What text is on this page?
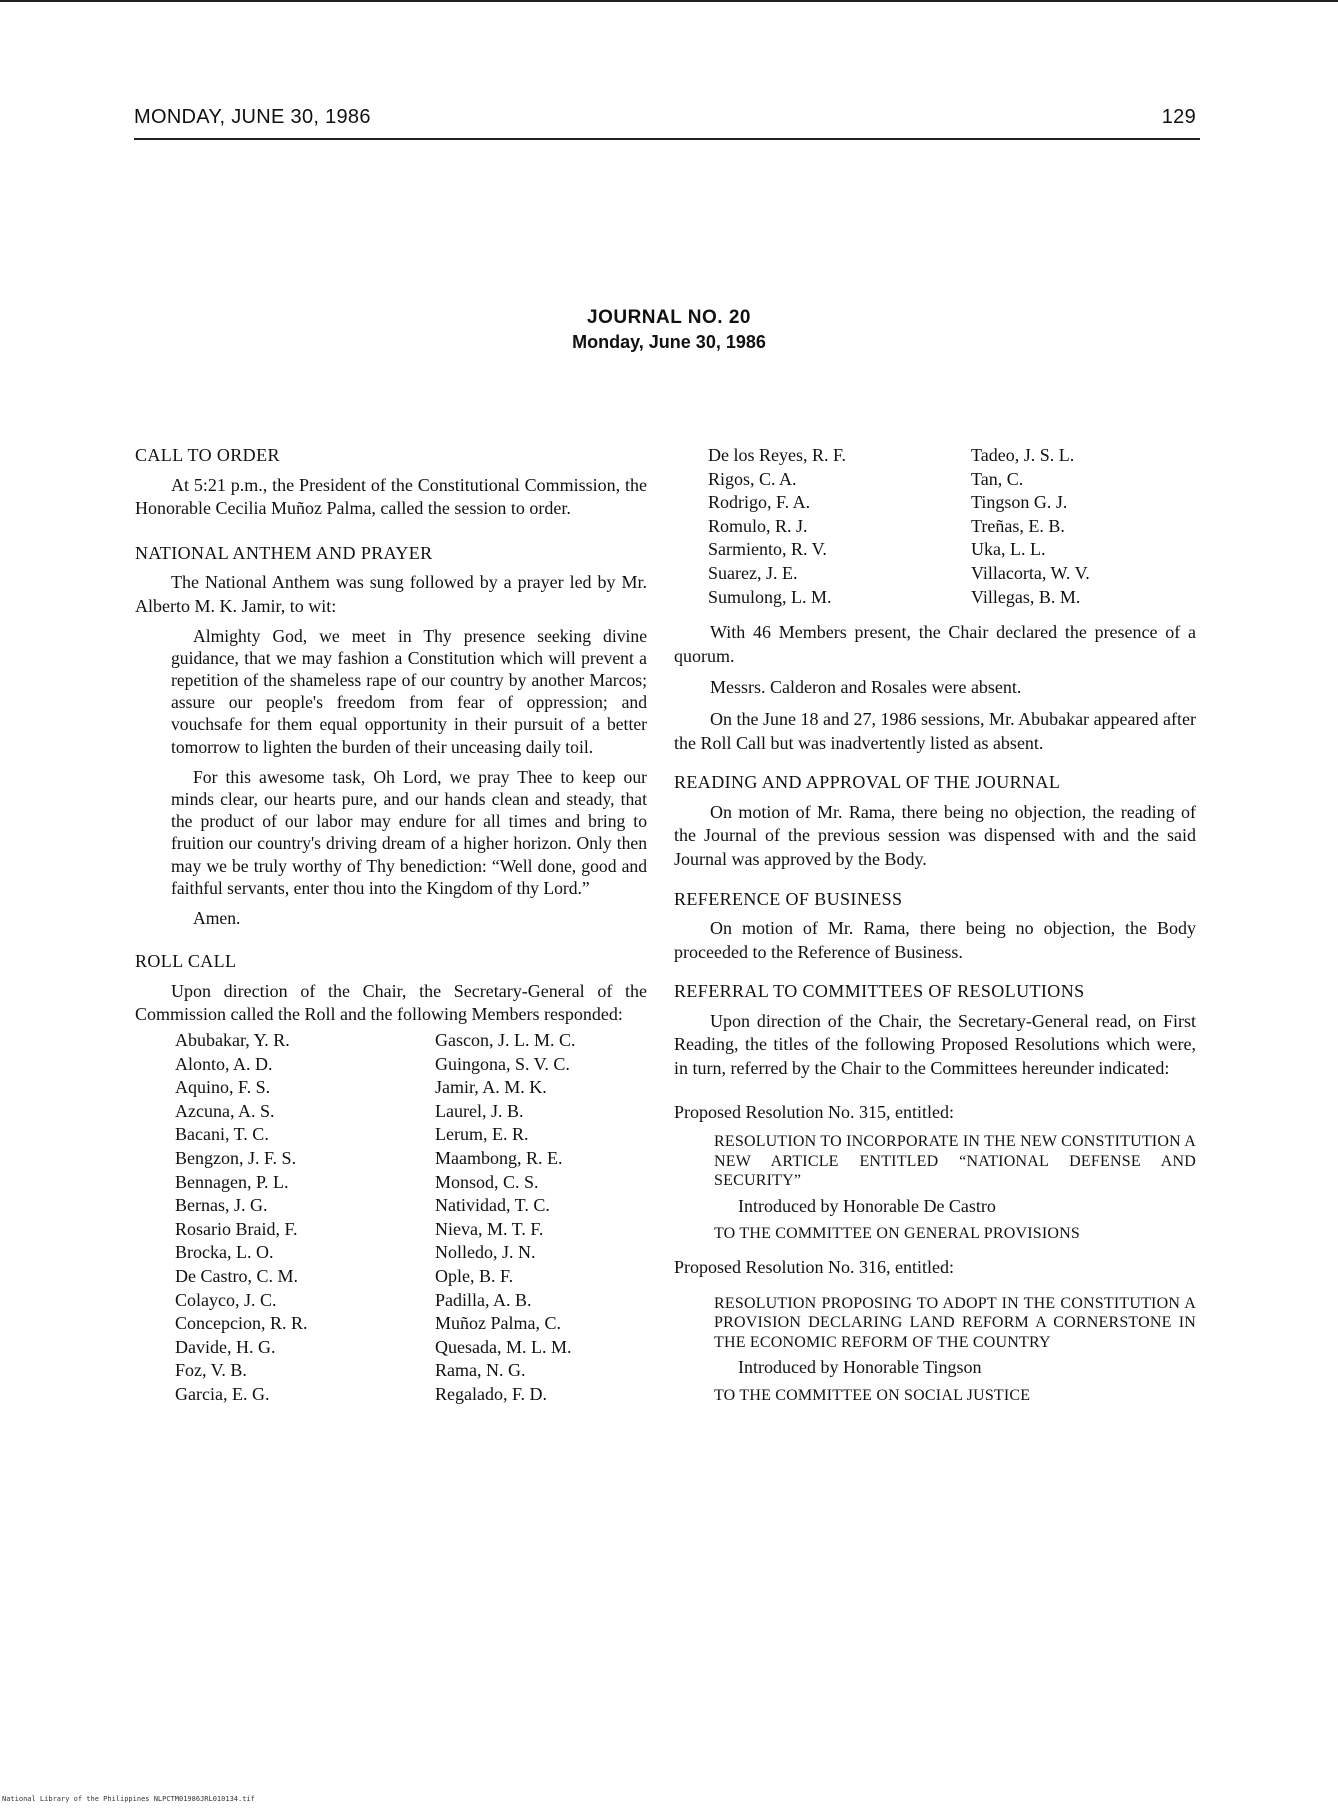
MONDAY, JUNE 30, 1986	129
JOURNAL NO. 20
Monday, June 30, 1986

CALL TO ORDER

At 5:21 p.m., the President of the Constitutional Commission, the Honorable Cecilia Muñoz Palma, called the session to order.

NATIONAL ANTHEM AND PRAYER

The National Anthem was sung followed by a prayer led by Mr. Alberto M. K. Jamir, to wit:

Almighty God, we meet in Thy presence seeking divine guidance, that we may fashion a Constitution which will prevent a repetition of the shameless rape of our country by another Marcos; assure our people's freedom from fear of oppression; and vouchsafe for them equal opportunity in their pursuit of a better tomorrow to lighten the burden of their unceasing daily toil.

For this awesome task, Oh Lord, we pray Thee to keep our minds clear, our hearts pure, and our hands clean and steady, that the product of our labor may endure for all times and bring to fruition our country's driving dream of a higher horizon. Only then may we be truly worthy of Thy benediction: “Well done, good and faithful servants, enter thou into the Kingdom of thy Lord.”

Amen.

ROLL CALL

Upon direction of the Chair, the Secretary-General of the Commission called the Roll and the following Members responded:

Abubakar, Y. R.	Gascon, J. L. M. C.
Alonto, A. D.	Guingona, S. V. C.
Aquino, F. S.	Jamir, A. M. K.
Azcuna, A. S.	Laurel, J. B.
Bacani, T. C.	Lerum, E. R.
Bengzon, J. F. S.	Maambong, R. E.
Bennagen, P. L.	Monsod, C. S.
Bernas, J. G.	Natividad, T. C.
Rosario Braid, F.	Nieva, M. T. F.
Brocka, L. O.	Nolledo, J. N.
De Castro, C. M.	Ople, B. F.
Colayco, J. C.	Padilla, A. B.
Concepcion, R. R.	Muñoz Palma, C.
Davide, H. G.	Quesada, M. L. M.
Foz, V. B.	Rama, N. G.
Garcia, E. G.	Regalado, F. D.
De los Reyes, R. F.	Tadeo, J. S. L.
Rigos, C. A.	Tan, C.
Rodrigo, F. A.	Tingson G. J.
Romulo, R. J.	Treñas, E. B.
Sarmiento, R. V.	Uka, L. L.
Suarez, J. E.	Villacorta, W. V.
Sumulong, L. M.	Villegas, B. M.

With 46 Members present, the Chair declared the presence of a quorum.

Messrs. Calderon and Rosales were absent.

On the June 18 and 27, 1986 sessions, Mr. Abubakar appeared after the Roll Call but was inadvertently listed as absent.

READING AND APPROVAL OF THE JOURNAL

On motion of Mr. Rama, there being no objection, the reading of the Journal of the previous session was dispensed with and the said Journal was approved by the Body.

REFERENCE OF BUSINESS

On motion of Mr. Rama, there being no objection, the Body proceeded to the Reference of Business.

REFERRAL TO COMMITTEES OF RESOLUTIONS

Upon direction of the Chair, the Secretary-General read, on First Reading, the titles of the following Proposed Resolutions which were, in turn, referred by the Chair to the Committees hereunder indicated:

Proposed Resolution No. 315, entitled:

RESOLUTION TO INCORPORATE IN THE NEW CONSTITUTION A NEW ARTICLE ENTITLED “NATIONAL DEFENSE AND SECURITY”

Introduced by Honorable De Castro

TO THE COMMITTEE ON GENERAL PROVISIONS

Proposed Resolution No. 316, entitled:

RESOLUTION PROPOSING TO ADOPT IN THE CONSTITUTION A PROVISION DECLARING LAND REFORM A CORNERSTONE IN THE ECONOMIC REFORM OF THE COUNTRY

Introduced by Honorable Tingson

TO THE COMMITTEE ON SOCIAL JUSTICE

National Library of the Philippines NLPCTM01986JRL010134.tif
